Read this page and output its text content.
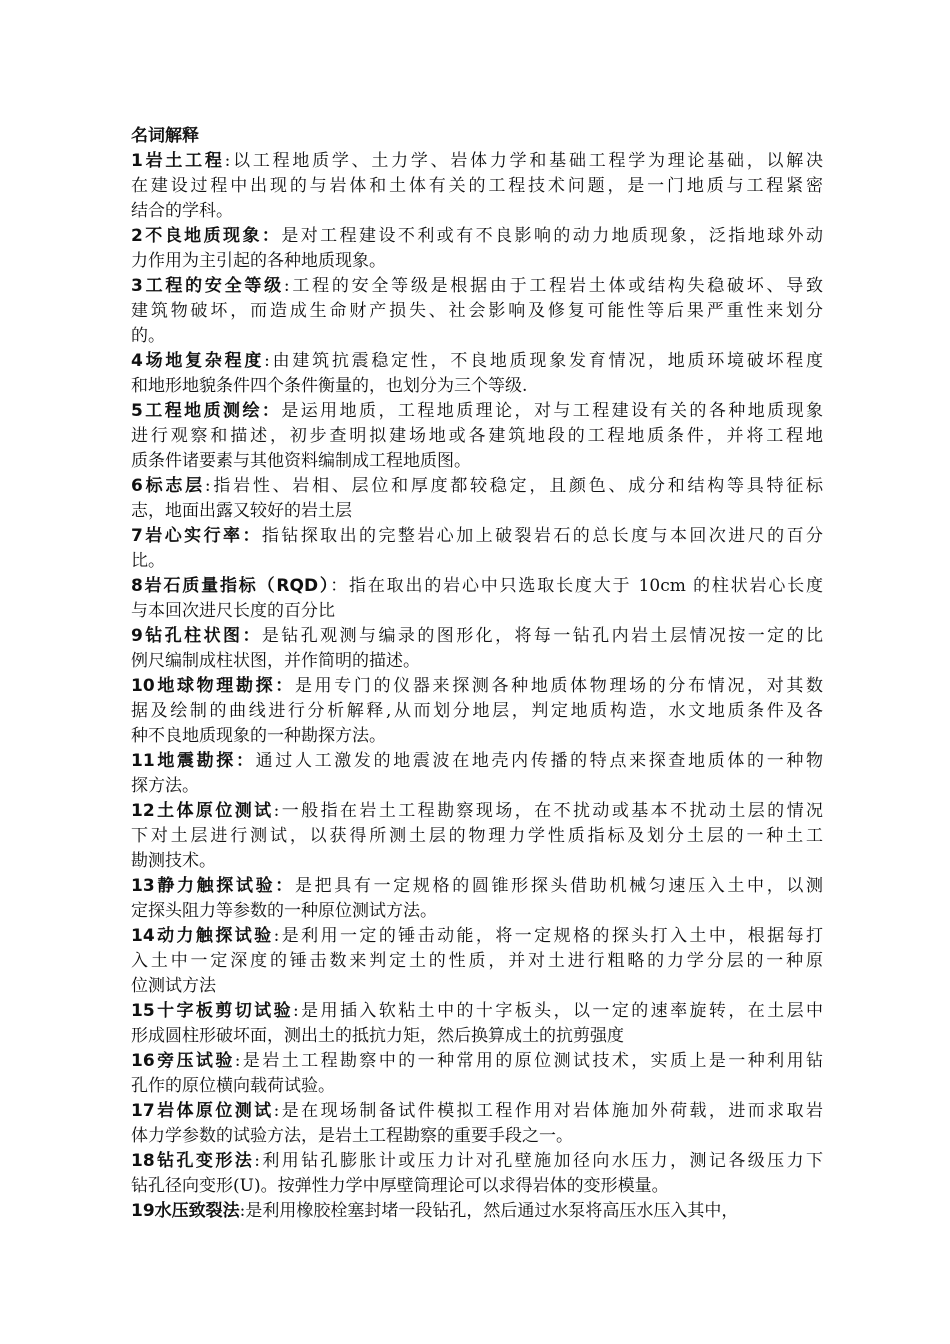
名词解释
1岩土工程:以工程地质学、土力学、岩体力学和基础工程学为理论基础，以解决
在建设过程中出现的与岩体和土体有关的工程技术问题，是一门地质与工程紧密
结合的学科。
2不良地质现象：是对工程建设不利或有不良影响的动力地质现象，泛指地球外动
力作用为主引起的各种地质现象。
3工程的安全等级:工程的安全等级是根据由于工程岩土体或结构失稳破坏、导致
建筑物破坏，而造成生命财产损失、社会影响及修复可能性等后果严重性来划分
的。
4场地复杂程度:由建筑抗震稳定性，不良地质现象发育情况，地质环境破坏程度
和地形地貌条件四个条件衡量的，也划分为三个等级.
5工程地质测绘：是运用地质，工程地质理论，对与工程建设有关的各种地质现象
进行观察和描述，初步查明拟建场地或各建筑地段的工程地质条件，并将工程地
质条件诸要素与其他资料编制成工程地质图。
6标志层:指岩性、岩相、层位和厚度都较稳定，且颜色、成分和结构等具特征标
志，地面出露又较好的岩土层
7岩心实行率：指钻探取出的完整岩心加上破裂岩石的总长度与本回次进尺的百分
比。
8岩石质量指标（RQD）：指在取出的岩心中只选取长度大于 10cm 的柱状岩心长度
与本回次进尺长度的百分比
9钻孔柱状图：是钻孔观测与编录的图形化，将每一钻孔内岩土层情况按一定的比
例尺编制成柱状图，并作简明的描述。
10地球物理勘探：是用专门的仪器来探测各种地质体物理场的分布情况，对其数
据及绘制的曲线进行分析解释,从而划分地层，判定地质构造，水文地质条件及各
种不良地质现象的一种勘探方法。
11地震勘探：通过人工激发的地震波在地壳内传播的特点来探查地质体的一种物
探方法。
12土体原位测试:一般指在岩土工程勘察现场，在不扰动或基本不扰动土层的情况
下对土层进行测试，以获得所测土层的物理力学性质指标及划分土层的一种土工
勘测技术。
13静力触探试验：是把具有一定规格的圆锥形探头借助机械匀速压入土中，以测
定探头阻力等参数的一种原位测试方法。
14动力触探试验:是利用一定的锤击动能，将一定规格的探头打入土中，根据每打
入土中一定深度的锤击数来判定土的性质，并对土进行粗略的力学分层的一种原
位测试方法
15十字板剪切试验:是用插入软粘土中的十字板头，以一定的速率旋转，在土层中
形成圆柱形破坏面，测出土的抵抗力矩，然后换算成土的抗剪强度
16旁压试验:是岩土工程勘察中的一种常用的原位测试技术，实质上是一种利用钻
孔作的原位横向载荷试验。
17岩体原位测试:是在现场制备试件模拟工程作用对岩体施加外荷载，进而求取岩
体力学参数的试验方法，是岩土工程勘察的重要手段之一。
18钻孔变形法:利用钻孔膨胀计或压力计对孔壁施加径向水压力，测记各级压力下
钻孔径向变形(U)。按弹性力学中厚壁筒理论可以求得岩体的变形模量。
19水压致裂法:是利用橡胶栓塞封堵一段钻孔，然后通过水泵将高压水压入其中，
